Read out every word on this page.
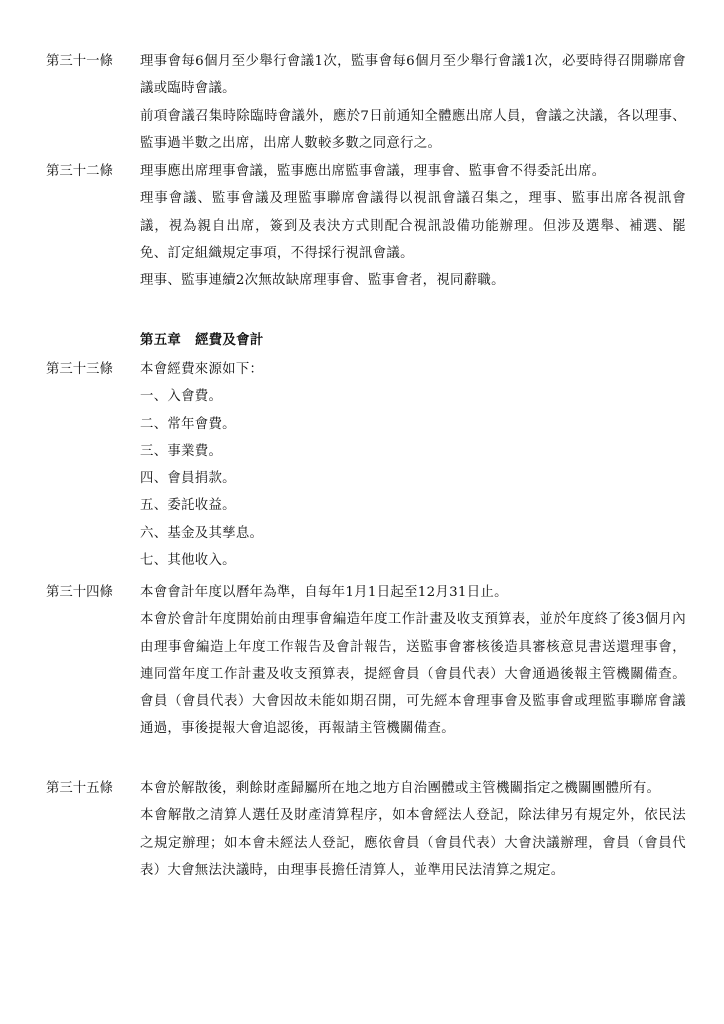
第三十一條	理事會每6個月至少舉行會議1次，監事會每6個月至少舉行會議1次，必要時得召開聯席會議或臨時會議。

前項會議召集時除臨時會議外，應於7日前通知全體應出席人員，會議之決議，各以理事、監事過半數之出席，出席人數較多數之同意行之。

第三十二條	理事應出席理事會議，監事應出席監事會議，理事會、監事會不得委託出席。

理事會議、監事會議及理監事聯席會議得以視訊會議召集之，理事、監事出席各視訊會議，視為親自出席，簽到及表決方式則配合視訊設備功能辦理。但涉及選舉、補選、罷免、訂定組織規定事項，不得採行視訊會議。

理事、監事連續2次無故缺席理事會、監事會者，視同辭職。

第五章 經費及會計
第三十三條	本會經費來源如下：

一、入會費。

二、常年會費。

三、事業費。

四、會員捐款。

五、委託收益。

六、基金及其孳息。

七、其他收入。

第三十四條	本會會計年度以曆年為準，自每年1月1日起至12月31日止。

本會於會計年度開始前由理事會編造年度工作計畫及收支預算表，並於年度終了後3個月內由理事會編造上年度工作報告及會計報告，送監事會審核後造具審核意見書送還理事會，連同當年度工作計畫及收支預算表，提經會員（會員代表）大會通過後報主管機關備查。會員（會員代表）大會因故未能如期召開，可先經本會理事會及監事會或理監事聯席會議通過，事後提報大會追認後，再報請主管機關備查。

第三十五條	本會於解散後，剩餘財產歸屬所在地之地方自治團體或主管機關指定之機關團體所有。

本會解散之清算人選任及財產清算程序，如本會經法人登記，除法律另有規定外，依民法之規定辦理；如本會未經法人登記，應依會員（會員代表）大會決議辦理，會員（會員代表）大會無法決議時，由理事長擔任清算人，並準用民法清算之規定。
